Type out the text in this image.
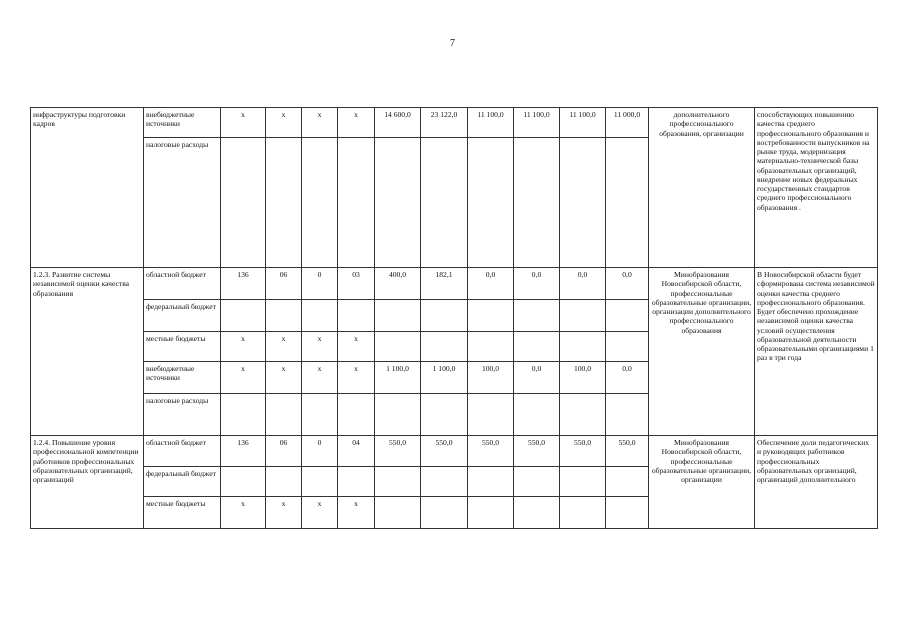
7
инфраструктуры подготовки кадров	внебюджетные источники	x	x	x	x	14 600,0	23 122,0	11 100,0	11 100,0	11 100,0	11 000,0	дополнительного профессионального образования, организации	способствующих повышению качества среднего профессионального образования и востребованности выпускников на рынке труда, модернизация материально-технической базы образовательных организаций, внедрение новых федеральных государственных стандартов среднего профессионального образования .
	налоговые расходы												
1.2.3. Развитие системы независимой оценки качества образования	областной бюджет	136	06	0	03	400,0	182,1	0,0	0,0	0,0	0,0	Минобразования Новосибирской области, профессиональные образовательные организации, организации дополнительного профессионального образования	В Новосибирской области будет сформирована система независимой оценки качества среднего профессионального образования. Будет обеспечено прохождение независимой оценки качества условий осуществления образовательной деятельности образовательными организациями 1 раз в три года
	федеральный бюджет												
	местные бюджеты	x	x	x	x								
	внебюджетные источники	x	x	x	x	1 100,0	1 100,0	100,0	0,0	100,0	0,0		
	налоговые расходы												
1.2.4. Повышение уровня профессиональной компетенции работников профессиональных образовательных организаций, организаций	областной бюджет	136	06	0	04	550,0	550,0	550,0	550,0	550,0	550,0	Минобразования Новосибирской области, профессиональные образовательные организации, организации	Обеспечение доли педагогических и руководящих работников профессиональных образовательных организаций, организаций дополнительного
	федеральный бюджет												
	местные бюджеты	x	x	x	x								
